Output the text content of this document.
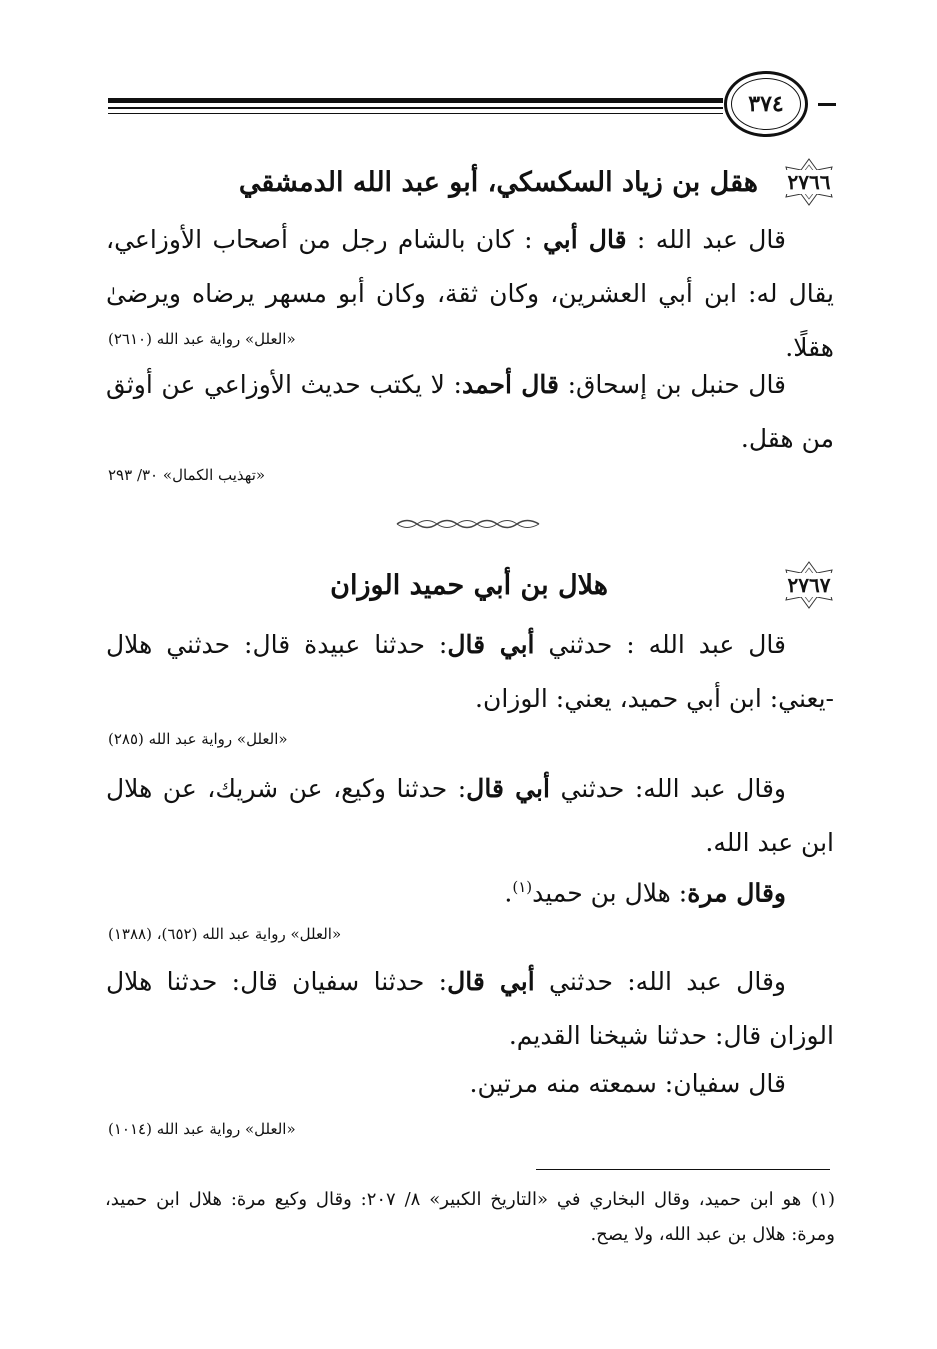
٣٧٤
٢٧٦٦
هقل بن زياد السكسكي، أبو عبد الله الدمشقي
قال عبد الله : قال أبي : كان بالشام رجل من أصحاب الأوزاعي، يقال له: ابن أبي العشرين، وكان ثقة، وكان أبو مسهر يرضاه ويرضىٰ هقلًا.
«العلل» رواية عبد الله (٢٦١٠)
قال حنبل بن إسحاق: قال أحمد: لا يكتب حديث الأوزاعي عن أوثق من هقل.
«تهذيب الكمال» ٣٠/ ٢٩٣
٢٧٦٧
هلال بن أبي حميد الوزان
قال عبد الله : حدثني أبي قال: حدثنا عبيدة قال: حدثني هلال -يعني: ابن أبي حميد، يعني: الوزان.
«العلل» رواية عبد الله (٢٨٥)
وقال عبد الله: حدثني أبي قال: حدثنا وكيع، عن شريك، عن هلال ابن عبد الله.
وقال مرة: هلال بن حميد$^{(١)}$.
«العلل» رواية عبد الله (٦٥٢)، (١٣٨٨)
وقال عبد الله: حدثني أبي قال: حدثنا سفيان قال: حدثنا هلال الوزان قال: حدثنا شيخنا القديم.
قال سفيان: سمعته منه مرتين.
«العلل» رواية عبد الله (١٠١٤)
(١)هو ابن حميد، وقال البخاري في «التاريخ الكبير» ٨/ ٢٠٧: وقال وكيع مرة: هلال ابن حميد، ومرة: هلال بن عبد الله، ولا يصح.
